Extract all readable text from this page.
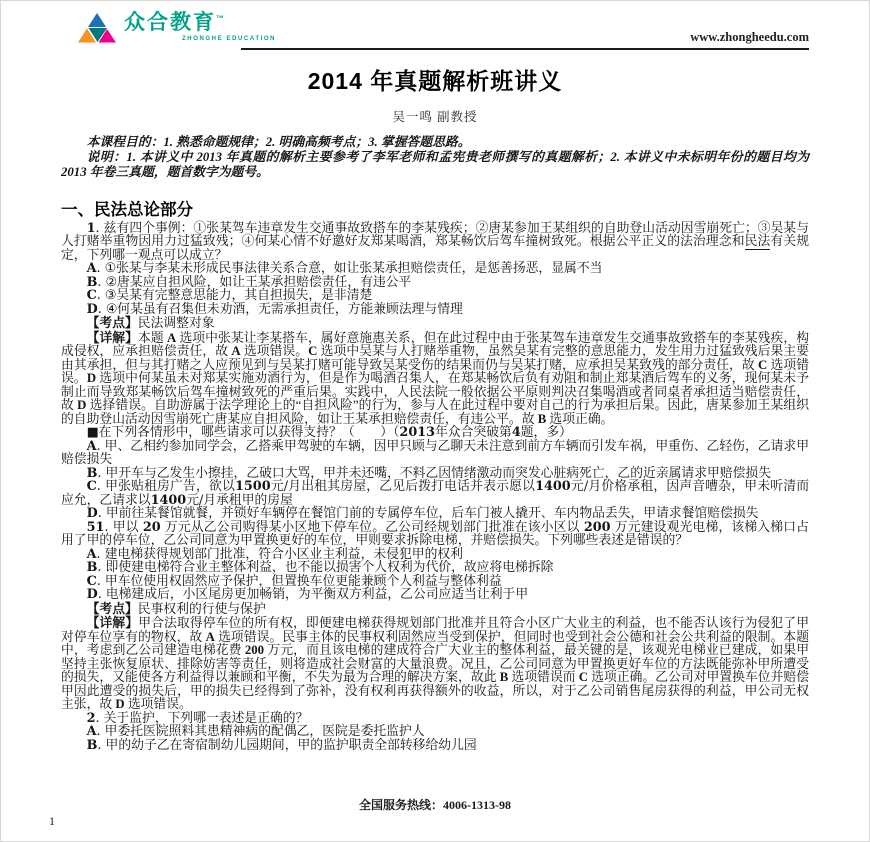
众合教育™
ZHONGHE EDUCATION	www.zhongheedu.com
2014 年真题解析班讲义
吴一鸣 副教授

本课程目的：1. 熟悉命题规律；2. 明确高频考点；3. 掌握答题思路。

说明：1. 本讲义中 2013 年真题的解析主要参考了李军老师和孟宪贵老师撰写的真题解析；2. 本讲义中未标明年份的题目均为 2013 年卷三真题，题首数字为题号。

一、民法总论部分

1. 兹有四个事例：①张某驾车违章发生交通事故致搭车的李某残疾；②唐某参加王某组织的自助登山活动因雪崩死亡；③吴某与人打赌举重物因用力过猛致残；④何某心情不好邀好友郑某喝酒，郑某畅饮后驾车撞树致死。根据公平正义的法治理念和民法有关规定，下列哪一观点可以成立？

A. ①张某与李某未形成民事法律关系合意，如让张某承担赔偿责任，是惩善扬恶，显属不当

B. ②唐某应自担风险，如让王某承担赔偿责任，有违公平

C. ③吴某有完整意思能力，其自担损失，是非清楚

D. ④何某虽有召集但未劝酒，无需承担责任，方能兼顾法理与情理

【考点】民法调整对象

【详解】本题 A 选项中张某让李某搭车，属好意施惠关系，但在此过程中由于张某驾车违章发生交通事故致搭车的李某残疾，构成侵权，应承担赔偿责任，故 A 选项错误。C 选项中吴某与人打赌举重物，虽然吴某有完整的意思能力，发生用力过猛致残后果主要由其承担，但与其打赌之人应预见到与吴某打赌可能导致吴某受伤的结果而仍与吴某打赌，应承担吴某致残的部分责任，故 C 选项错误。D 选项中何某虽未对郑某实施劝酒行为，但是作为喝酒召集人，在郑某畅饮后负有劝阻和制止郑某酒后驾车的义务，现何某未予制止而导致郑某畅饮后驾车撞树致死的严重后果。实践中，人民法院一般依据公平原则判决召集喝酒或者同桌者承担适当赔偿责任，故 D 选择错误。自助游属于法学理论上的“自担风险”的行为，参与人在此过程中要对自己的行为承担后果。因此，唐某参加王某组织的自助登山活动因雪崩死亡唐某应自担风险，如让王某承担赔偿责任，有违公平。故 B 选项正确。

■在下列各情形中，哪些请求可以获得支持？（　　）（2013年众合突破第4题，多）

A. 甲、乙相约参加同学会，乙搭乘甲驾驶的车辆，因甲只顾与乙聊天未注意到前方车辆而引发车祸，甲重伤、乙轻伤，乙请求甲赔偿损失

B. 甲开车与乙发生小擦挂，乙破口大骂，甲并未还嘴，不料乙因情绪激动而突发心脏病死亡，乙的近亲属请求甲赔偿损失

C. 甲张贴租房广告，欲以1500元/月出租其房屋，乙见后拨打电话并表示愿以1400元/月价格承租，因声音嘈杂，甲未听清而应允，乙请求以1400元/月承租甲的房屋

D. 甲前往某餐馆就餐，并锁好车辆停在餐馆门前的专属停车位，后车门被人撬开、车内物品丢失，甲请求餐馆赔偿损失

51. 甲以 20 万元从乙公司购得某小区地下停车位。乙公司经规划部门批准在该小区以 200 万元建设观光电梯，该梯入梯口占用了甲的停车位，乙公司同意为甲置换更好的车位，甲则要求拆除电梯，并赔偿损失。下列哪些表述是错误的？

A. 建电梯获得规划部门批准，符合小区业主利益，未侵犯甲的权利

B. 即使建电梯符合业主整体利益，也不能以损害个人权利为代价，故应将电梯拆除

C. 甲车位使用权固然应予保护，但置换车位更能兼顾个人利益与整体利益

D. 电梯建成后，小区尾房更加畅销，为平衡双方利益，乙公司应适当让利于甲

【考点】民事权利的行使与保护

【详解】甲合法取得停车位的所有权，即便建电梯获得规划部门批准并且符合小区广大业主的利益，也不能否认该行为侵犯了甲对停车位享有的物权，故 A 选项错误。民事主体的民事权利固然应当受到保护，但同时也受到社会公德和社会公共利益的限制。本题中，考虑到乙公司建造电梯花费 200 万元，而且该电梯的建成符合广大业主的整体利益，最关键的是，该观光电梯业已建成，如果甲坚持主张恢复原状、排除妨害等责任，则将造成社会财富的大量浪费。况且，乙公司同意为甲置换更好车位的方法既能弥补甲所遭受的损失，又能使各方利益得以兼顾和平衡，不失为最为合理的解决方案，故此 B 选项错误而 C 选项正确。乙公司对甲置换车位并赔偿甲因此遭受的损失后，甲的损失已经得到了弥补，没有权利再获得额外的收益，所以，对于乙公司销售尾房获得的利益，甲公司无权主张，故 D 选项错误。

2. 关于监护，下列哪一表述是正确的？

A. 甲委托医院照料其患精神病的配偶乙，医院是委托监护人

B. 甲的幼子乙在寄宿制幼儿园期间，甲的监护职责全部转移给幼儿园

全国服务热线：4006-1313-98
1
